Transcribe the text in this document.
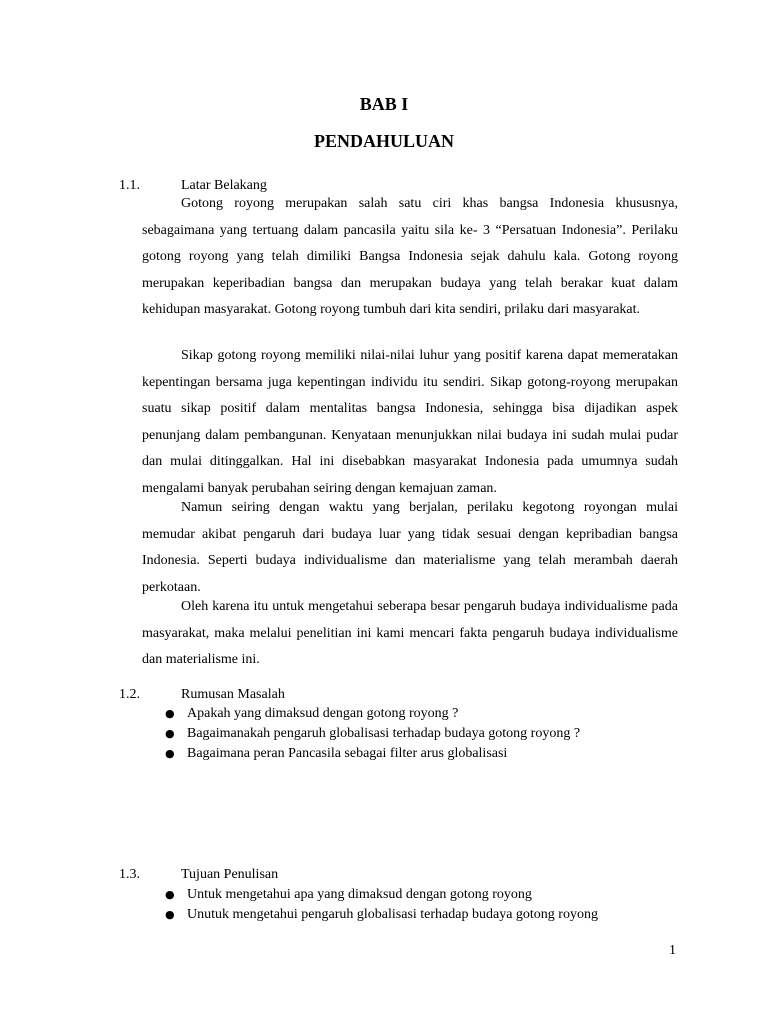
BAB I
PENDAHULUAN
1.1.	Latar Belakang

Gotong royong merupakan salah satu ciri khas bangsa Indonesia khususnya, sebagaimana yang tertuang dalam pancasila yaitu sila ke- 3 “Persatuan Indonesia”. Perilaku gotong royong yang telah dimiliki Bangsa Indonesia sejak dahulu kala. Gotong royong merupakan keperibadian bangsa dan merupakan budaya yang telah berakar kuat dalam kehidupan masyarakat. Gotong royong tumbuh dari kita sendiri, prilaku dari masyarakat.

Sikap gotong royong memiliki nilai-nilai luhur yang positif karena dapat memeratakan kepentingan bersama juga kepentingan individu itu sendiri. Sikap gotong-royong merupakan suatu sikap positif dalam mentalitas bangsa Indonesia, sehingga bisa dijadikan aspek penunjang dalam pembangunan. Kenyataan menunjukkan nilai budaya ini sudah mulai pudar dan mulai ditinggalkan. Hal ini disebabkan masyarakat Indonesia pada umumnya sudah mengalami banyak perubahan seiring dengan kemajuan zaman.

Namun seiring dengan waktu yang berjalan, perilaku kegotong royongan mulai memudar akibat pengaruh dari budaya luar yang tidak sesuai dengan kepribadian bangsa Indonesia. Seperti budaya individualisme dan materialisme yang telah merambah daerah perkotaan.

Oleh karena itu untuk mengetahui seberapa besar pengaruh budaya individualisme pada masyarakat, maka melalui penelitian ini kami mencari fakta pengaruh budaya individualisme dan materialisme ini.

1.2.	Rumusan Masalah
● Apakah yang dimaksud dengan gotong royong ?
● Bagaimanakah pengaruh globalisasi terhadap budaya gotong royong ?
● Bagaimana peran Pancasila sebagai filter arus globalisasi
1.3.	Tujuan Penulisan
● Untuk mengetahui apa yang dimaksud dengan gotong royong
● Unutuk mengetahui pengaruh globalisasi terhadap budaya gotong royong
1
